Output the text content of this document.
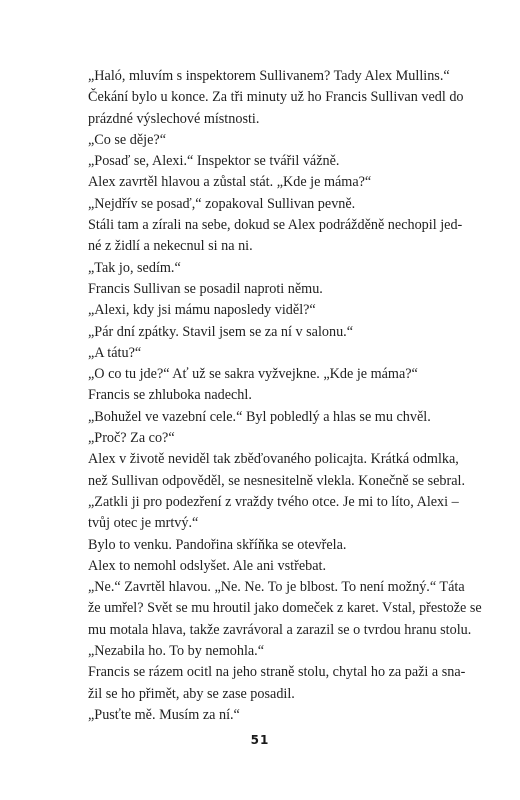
„Haló, mluvím s inspektorem Sullivanem? Tady Alex Mullins.“

Čekání bylo u konce. Za tři minuty už ho Francis Sullivan vedl do
prázdné výslechové místnosti.

„Co se děje?“

„Posaď se, Alexi.“ Inspektor se tvářil vážně.

Alex zavrtěl hlavou a zůstal stát. „Kde je máma?“

„Nejdřív se posaď,“ zopakoval Sullivan pevně.

Stáli tam a zírali na sebe, dokud se Alex podrážděně nechopil jed-
né z židlí a nekecnul si na ni.

„Tak jo, sedím.“

Francis Sullivan se posadil naproti němu.

„Alexi, kdy jsi mámu naposledy viděl?“

„Pár dní zpátky. Stavil jsem se za ní v salonu.“

„A tátu?“

„O co tu jde?“ Ať už se sakra vyžvejkne. „Kde je máma?“

Francis se zhluboka nadechl.

„Bohužel ve vazební cele.“ Byl pobledlý a hlas se mu chvěl.

„Proč? Za co?“

Alex v životě neviděl tak zběďovaného policajta. Krátká odmlka,
než Sullivan odpověděl, se nesnesitelně vlekla. Konečně se sebral.

„Zatkli ji pro podezření z vraždy tvého otce. Je mi to líto, Alexi –
tvůj otec je mrtvý.“

Bylo to venku. Pandořina skříňka se otevřela.

Alex to nemohl odslyšet. Ale ani vstřebat.

„Ne.“ Zavrtěl hlavou. „Ne. Ne. To je blbost. To není možný.“ Táta
že umřel? Svět se mu hroutil jako domeček z karet. Vstal, přestože se
mu motala hlava, takže zavrávoral a zarazil se o tvrdou hranu stolu.
„Nezabila ho. To by nemohla.“

Francis se rázem ocitl na jeho straně stolu, chytal ho za paži a sna-
žil se ho přimět, aby se zase posadil.

„Pusťte mě. Musím za ní.“

51
